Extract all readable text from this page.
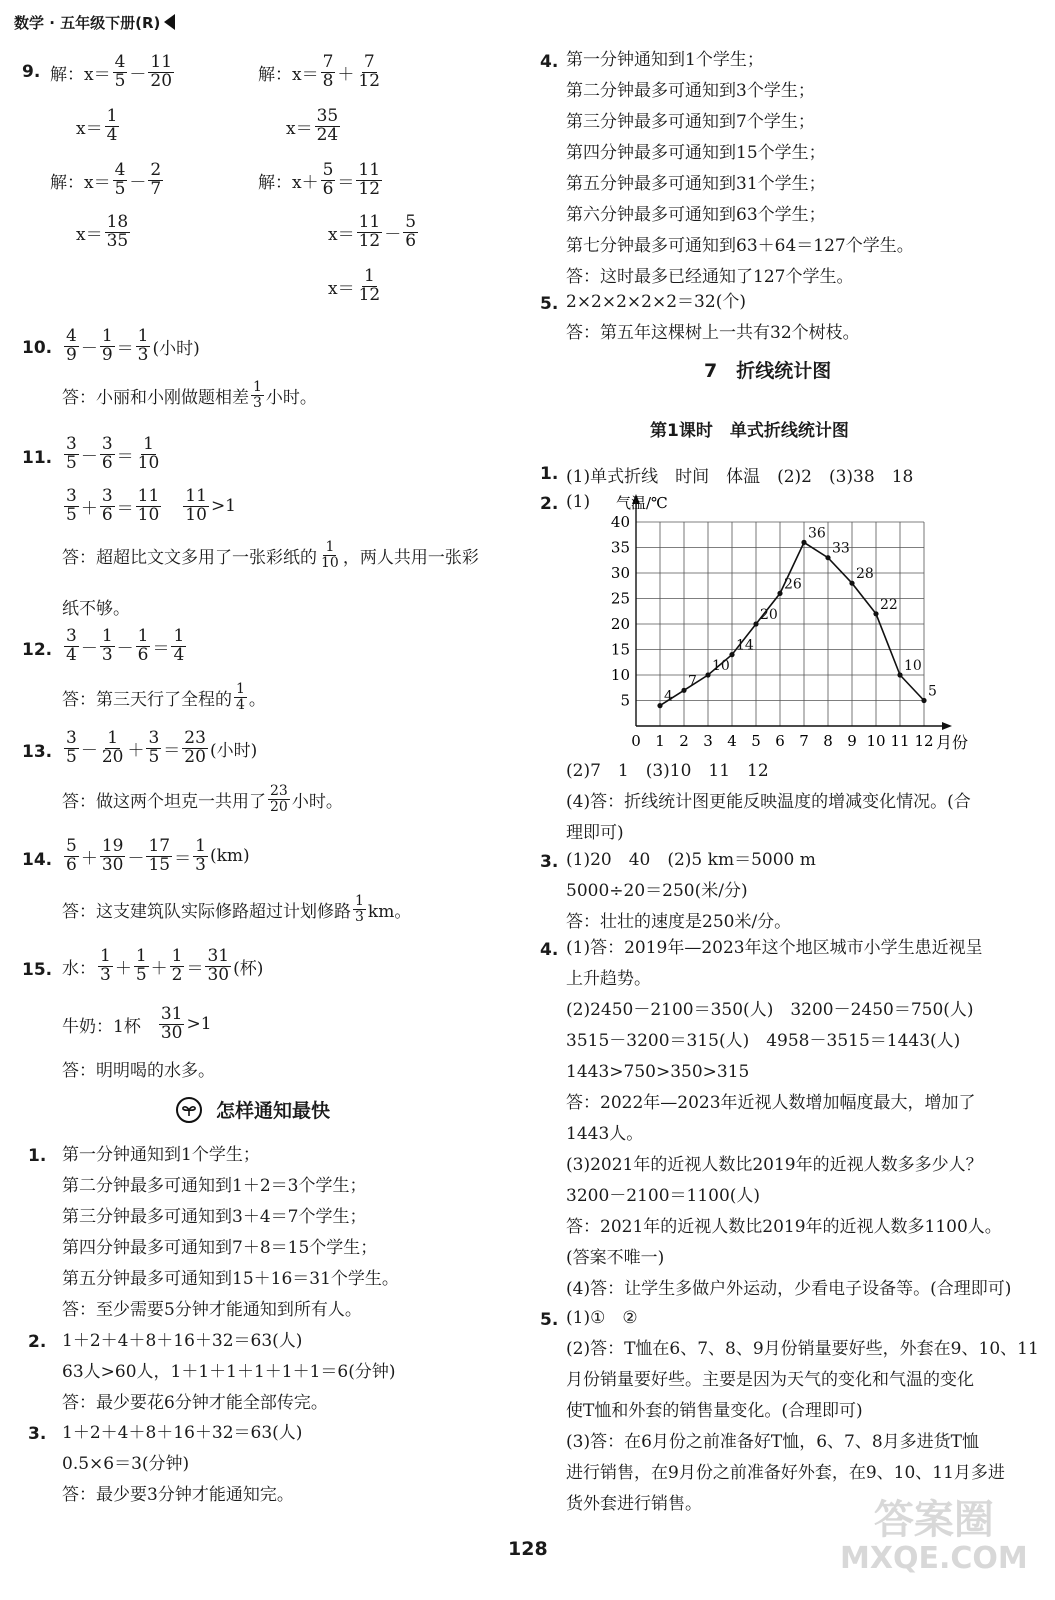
数学 · 五年级下册(R)
9. 解：$x= \frac{4}{5} - \frac{11}{20}$
$x= \frac{1}{4}$
解：$x= \frac{7}{8} + \frac{7}{12}$
$x= \frac{35}{24}$
解：$x= \frac{4}{5} - \frac{2}{7}$
$x= \frac{18}{35}$
解：$x+ \frac{5}{6} = \frac{11}{12}$
$x= \frac{11}{12} - \frac{5}{6}$
$x= \frac{1}{12}$
10. $\frac{4}{9} - \frac{1}{9} = \frac{1}{3}$ (小时)
答：小丽和小刚做题相差 $\frac{1}{3}$ 小时。
11. $\frac{3}{5} - \frac{3}{6} = \frac{1}{10}$
$\frac{3}{5} + \frac{3}{6} = \frac{11}{10} \frac{11}{10} >1$
答：超超比文文多用了一张彩纸的 $\frac{1}{10}$ ，两人共用一张彩
纸不够。
12. $\frac{3}{4} - \frac{1}{3} - \frac{1}{6} = \frac{1}{4}$
答：第三天行了全程的 $\frac{1}{4}$ 。
13. $\frac{3}{5} - \frac{1}{20} + \frac{3}{5} = \frac{23}{20}$ (小时)
答：做这两个坦克一共用了 $\frac{23}{20}$ 小时。
14. $\frac{5}{6} + \frac{19}{30} - \frac{17}{15} = \frac{1}{3} (km)$
答：这支建筑队实际修路超过计划修路 $\frac{1}{3}$ km。
15. 水： $\frac{1}{3} + \frac{1}{5} + \frac{1}{2} = \frac{31}{30}$ (杯)
牛奶：1杯 $\frac{31}{30} >1$
答：明明喝的水多。
怎样通知最快
1. 第一分钟通知到1个学生；
第二分钟最多可通知到1＋2＝3个学生；
第三分钟最多可通知到3＋4＝7个学生；
第四分钟最多可通知到7＋8＝15个学生；
第五分钟最多可通知到15＋16＝31个学生。
答：至少需要5分钟才能通知到所有人。
2. 1＋2＋4＋8＋16＋32＝63(人)
63人>60人，1＋1＋1＋1＋1＋1＝6(分钟)
答：最少要花6分钟才能全部传完。
3. 1＋2＋4＋8＋16＋32＝63(人)
0.5×6＝3(分钟)
答：最少要3分钟才能通知完。
4. 第一分钟通知到1个学生；
第二分钟最多可通知到3个学生；
第三分钟最多可通知到7个学生；
第四分钟最多可通知到15个学生；
第五分钟最多可通知到31个学生；
第六分钟最多可通知到63个学生；
第七分钟最多可通知到63＋64＝127个学生。
答：这时最多已经通知了127个学生。
5. 2×2×2×2×2＝32(个)
答：第五年这棵树上一共有32个树枝。
7　折线统计图
第1课时　单式折线统计图
1. (1)单式折线　时间　体温　(2)2　(3)38　18
2. (1)
5
10
15
20
25
30
35
40
0 1 2 3 4 5 6 7 8 9 10 11 12
4
7
10
14
20
26
36
33
28
22
10
5
气温/℃
月份
(2)7　1　(3)10　11　12
(4)答：折线统计图更能反映温度的增减变化情况。(合
理即可)
3. (1)20　40　(2)5 km＝5000 m
5000÷20＝250(米/分)
答：壮壮的速度是250米/分。
4. (1)答：2019年—2023年这个地区城市小学生患近视呈
上升趋势。
(2)2450－2100＝350(人)　3200－2450＝750(人)
3515－3200＝315(人)　4958－3515＝1443(人)
1443>750>350>315
答：2022年—2023年近视人数增加幅度最大，增加了
1443人。
(3)2021年的近视人数比2019年的近视人数多多少人？
3200－2100＝1100(人)
答：2021年的近视人数比2019年的近视人数多1100人。
(答案不唯一)
(4)答：让学生多做户外运动，少看电子设备等。(合理即可)
5. (1)①　②
(2)答：T恤在6、7、8、9月份销量要好些，外套在9、10、11
月份销量要好些。主要是因为天气的变化和气温的变化
使T恤和外套的销售量变化。(合理即可)
(3)答：在6月份之前准备好T恤，6、7、8月多进货T恤
进行销售，在9月份之前准备好外套，在9、10、11月多进
货外套进行销售。
128
答案圈
MXQE.COM
